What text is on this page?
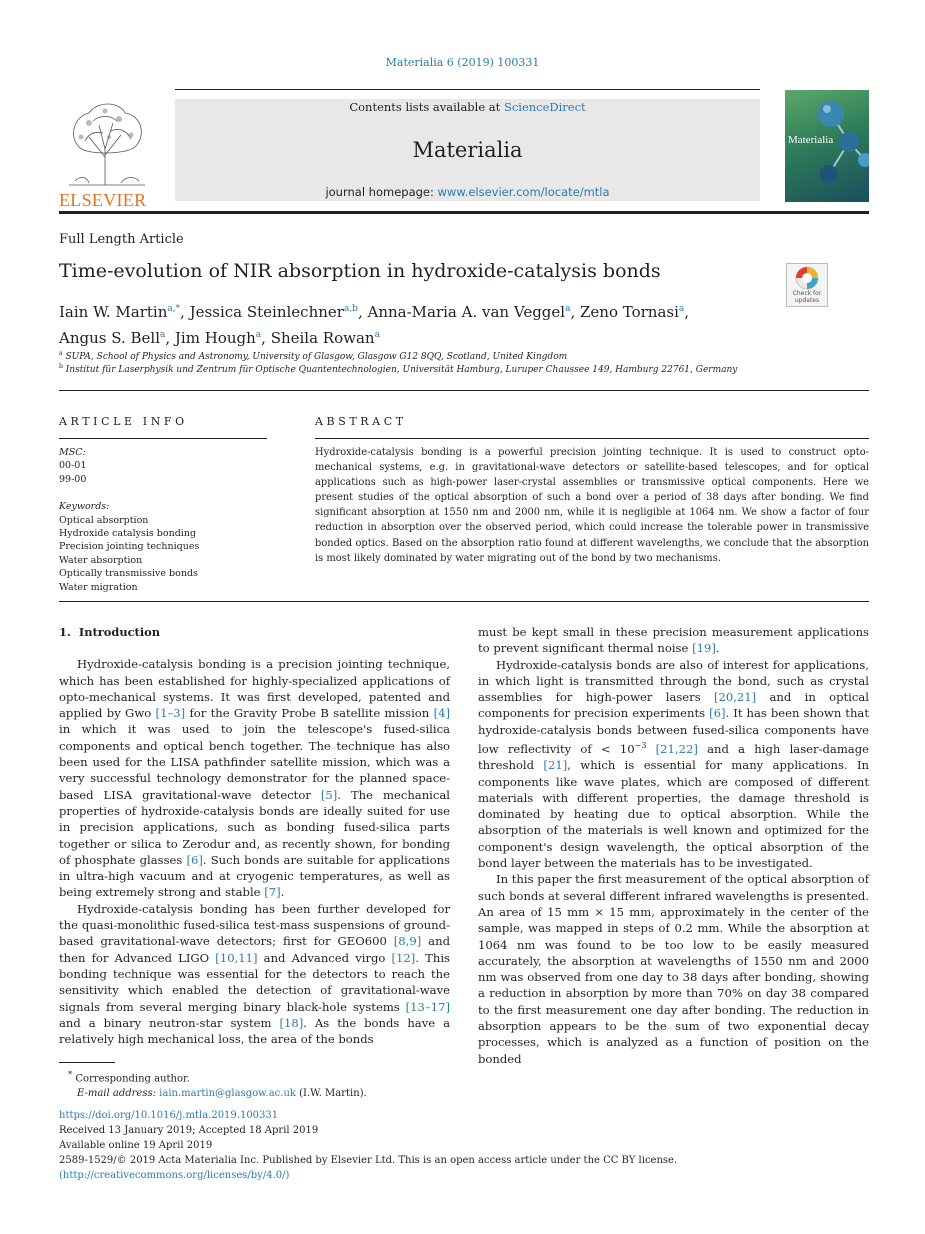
Materialia 6 (2019) 100331
ELSEVIER
Contents lists available at ScienceDirect
Materialia
journal homepage: www.elsevier.com/locate/mtla
Materialia
Full Length Article
Time-evolution of NIR absorption in hydroxide-catalysis bonds
Check for updates
Iain W. Martin$^{a,*}$, Jessica Steinlechner$^{a,b}$, Anna-Maria A. van Veggel$^a$, Zeno Tornasi$^a$,
Angus S. Bell$^a$, Jim Hough$^a$, Sheila Rowan$^a$
$^a$ SUPA, School of Physics and Astronomy, University of Glasgow, Glasgow G12 8QQ, Scotland, United Kingdom
$^b$ Institut für Laserphysik und Zentrum für Optische Quantentechnologien, Universität Hamburg, Luruper Chaussee 149, Hamburg 22761, Germany
ARTICLE INFO
MSC:
00-01
99-00
Keywords:
Optical absorption
Hydroxide catalysis bonding
Precision jointing techniques
Water absorption
Optically transmissive bonds
Water migration
ABSTRACT
Hydroxide-catalysis bonding is a powerful precision jointing technique. It is used to construct opto-mechanical systems, e.g. in gravitational-wave detectors or satellite-based telescopes, and for optical applications such as high-power laser-crystal assemblies or transmissive optical components. Here we present studies of the optical absorption of such a bond over a period of 38 days after bonding. We find significant absorption at 1550 nm and 2000 nm, while it is negligible at 1064 nm. We show a factor of four reduction in absorption over the observed period, which could increase the tolerable power in transmissive bonded optics. Based on the absorption ratio found at different wavelengths, we conclude that the absorption is most likely dominated by water migrating out of the bond by two mechanisms.
1. Introduction

Hydroxide-catalysis bonding is a precision jointing technique, which has been established for highly-specialized applications of opto-mechanical systems. It was first developed, patented and applied by Gwo [1–3] for the Gravity Probe B satellite mission [4] in which it was used to join the telescope's fused-silica components and optical bench together. The technique has also been used for the LISA pathfinder satellite mission, which was a very successful technology demonstrator for the planned space-based LISA gravitational-wave detector [5]. The mechanical properties of hydroxide-catalysis bonds are ideally suited for use in precision applications, such as bonding fused-silica parts together or silica to Zerodur and, as recently shown, for bonding of phosphate glasses [6]. Such bonds are suitable for applications in ultra-high vacuum and at cryogenic temperatures, as well as being extremely strong and stable [7].

Hydroxide-catalysis bonding has been further developed for the quasi-monolithic fused-silica test-mass suspensions of ground-based gravitational-wave detectors; first for GEO600 [8,9] and then for Advanced LIGO [10,11] and Advanced virgo [12]. This bonding technique was essential for the detectors to reach the sensitivity which enabled the detection of gravitational-wave signals from several merging binary black-hole systems [13–17] and a binary neutron-star system [18]. As the bonds have a relatively high mechanical loss, the area of the bonds

must be kept small in these precision measurement applications to prevent significant thermal noise [19].

Hydroxide-catalysis bonds are also of interest for applications, in which light is transmitted through the bond, such as crystal assemblies for high-power lasers [20,21] and in optical components for precision experiments [6]. It has been shown that hydroxide-catalysis bonds between fused-silica components have low reflectivity of < $10^{-3}$ [21,22] and a high laser-damage threshold [21], which is essential for many applications. In components like wave plates, which are composed of different materials with different properties, the damage threshold is dominated by heating due to optical absorption. While the absorption of the materials is well known and optimized for the component's design wavelength, the optical absorption of the bond layer between the materials has to be investigated.

In this paper the first measurement of the optical absorption of such bonds at several different infrared wavelengths is presented. An area of 15 mm × 15 mm, approximately in the center of the sample, was mapped in steps of 0.2 mm. While the absorption at 1064 nm was found to be too low to be easily measured accurately, the absorption at wavelengths of 1550 nm and 2000 nm was observed from one day to 38 days after bonding, showing a reduction in absorption by more than 70% on day 38 compared to the first measurement one day after bonding. The reduction in absorption appears to be the sum of two exponential decay processes, which is analyzed as a function of position on the bonded

* Corresponding author.
E-mail address: iain.martin@glasgow.ac.uk (I.W. Martin).
https://doi.org/10.1016/j.mtla.2019.100331
Received 13 January 2019; Accepted 18 April 2019
Available online 19 April 2019
2589-1529/© 2019 Acta Materialia Inc. Published by Elsevier Ltd. This is an open access article under the CC BY license.
(http://creativecommons.org/licenses/by/4.0/)
